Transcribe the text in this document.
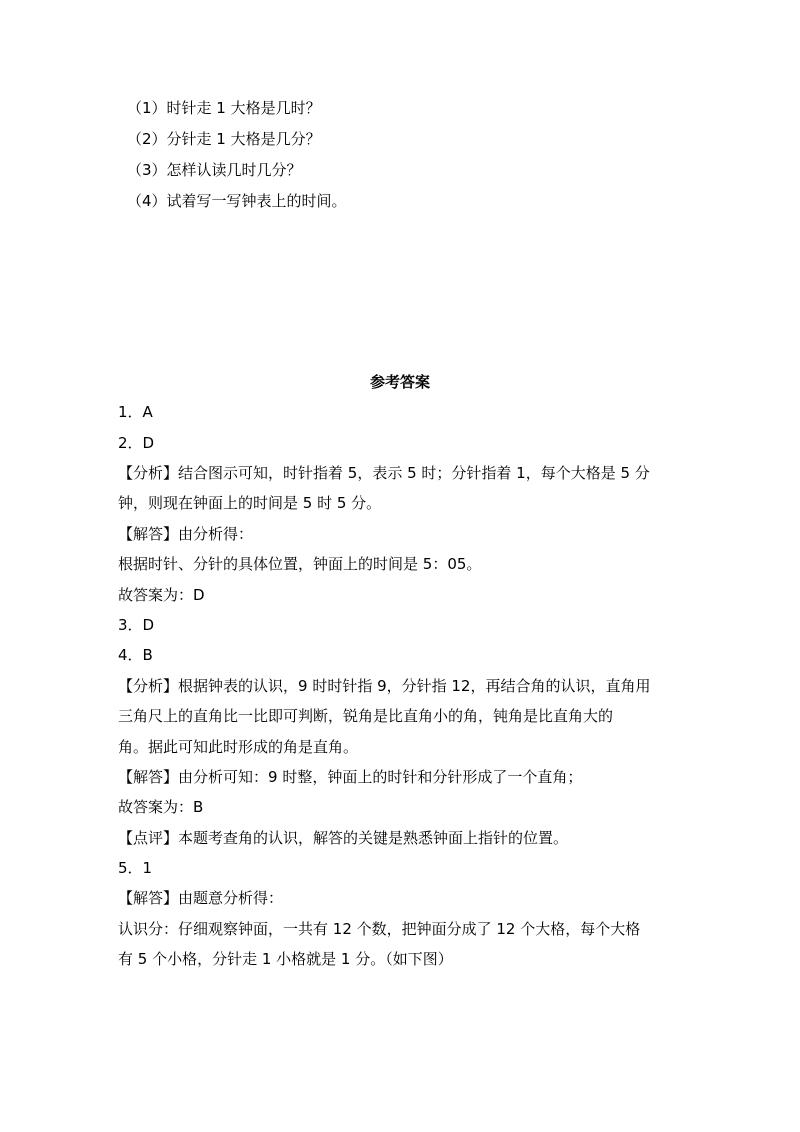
（1）时针走 1 大格是几时？
（2）分针走 1 大格是几分？
（3）怎样认读几时几分？
（4）试着写一写钟表上的时间。
参考答案
1．A
2．D
【分析】结合图示可知，时针指着 5，表示 5 时；分针指着 1，每个大格是 5 分
钟，则现在钟面上的时间是 5 时 5 分。
【解答】由分析得：
根据时针、分针的具体位置，钟面上的时间是 5：05。
故答案为：D
3．D
4．B
【分析】根据钟表的认识，9 时时针指 9，分针指 12，再结合角的认识，直角用
三角尺上的直角比一比即可判断，锐角是比直角小的角，钝角是比直角大的
角。据此可知此时形成的角是直角。
【解答】由分析可知：9 时整，钟面上的时针和分针形成了一个直角；
故答案为：B
【点评】本题考查角的认识，解答的关键是熟悉钟面上指针的位置。
5．1
【解答】由题意分析得：
认识分：仔细观察钟面，一共有 12 个数，把钟面分成了 12 个大格，每个大格
有 5 个小格，分针走 1 小格就是 1 分。（如下图）
